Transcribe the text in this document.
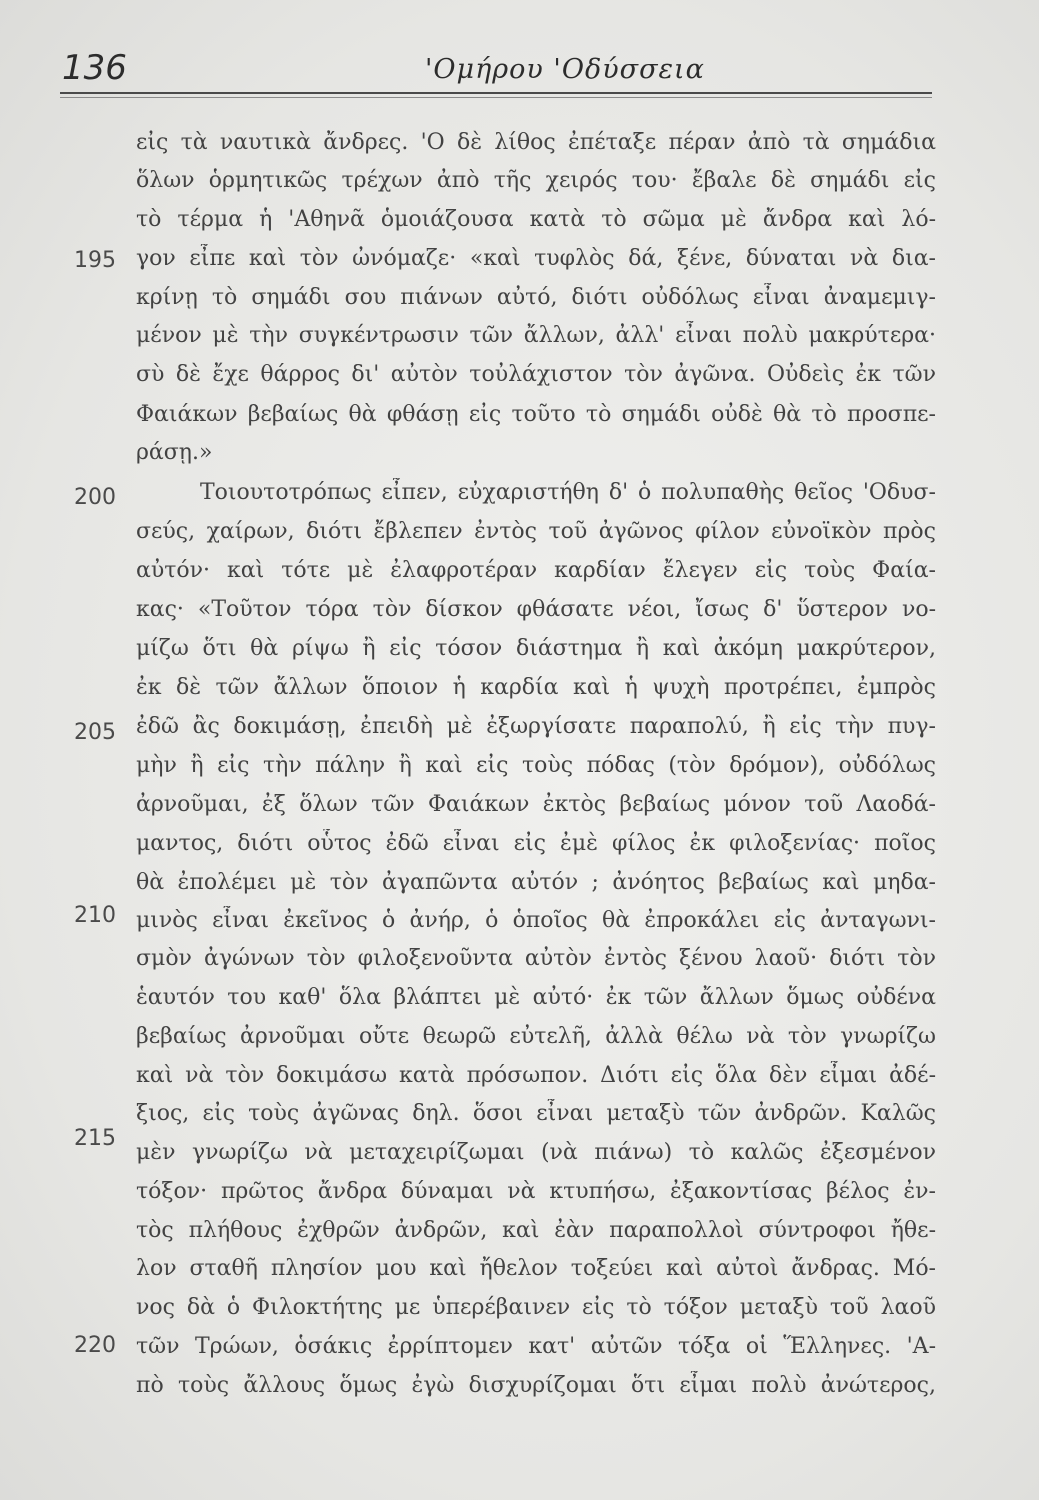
136	'Ομήρου 'Οδύσσεια
195
200
205
210
215
220
εἰς τὰ ναυτικὰ ἄνδρες. 'Ο δὲ λίθος ἐπέταξε πέραν ἀπὸ τὰ σημάδια
ὅλων ὁρμητικῶς τρέχων ἀπὸ τῆς χειρός του· ἔβαλε δὲ σημάδι εἰς
τὸ τέρμα ἡ 'Αθηνᾶ ὁμοιάζουσα κατὰ τὸ σῶμα μὲ ἄνδρα καὶ λό-
γον εἶπε καὶ τὸν ὠνόμαζε· «καὶ τυφλὸς δά, ξένε, δύναται νὰ δια-
κρίνῃ τὸ σημάδι σου πιάνων αὐτό, διότι οὐδόλως εἶναι ἀναμεμιγ-
μένον μὲ τὴν συγκέντρωσιν τῶν ἄλλων, ἀλλ' εἶναι πολὺ μακρύτερα·
σὺ δὲ ἔχε θάρρος δι' αὐτὸν τοὐλάχιστον τὸν ἀγῶνα. Οὐδεὶς ἐκ τῶν
Φαιάκων βεβαίως θὰ φθάσῃ εἰς τοῦτο τὸ σημάδι οὐδὲ θὰ τὸ προσπε-
ράσῃ.»
Τοιουτοτρόπως εἶπεν, εὐχαριστήθη δ' ὁ πολυπαθὴς θεῖος 'Οδυσ-
σεύς, χαίρων, διότι ἔβλεπεν ἐντὸς τοῦ ἀγῶνος φίλον εὐνοϊκὸν πρὸς
αὐτόν· καὶ τότε μὲ ἐλαφροτέραν καρδίαν ἔλεγεν εἰς τοὺς Φαία-
κας· «Τοῦτον τόρα τὸν δίσκον φθάσατε νέοι, ἴσως δ' ὕστερον νο-
μίζω ὅτι θὰ ρίψω ἢ εἰς τόσον διάστημα ἢ καὶ ἀκόμη μακρύτερον,
ἐκ δὲ τῶν ἄλλων ὅποιον ἡ καρδία καὶ ἡ ψυχὴ προτρέπει, ἐμπρὸς
ἐδῶ ἂς δοκιμάσῃ, ἐπειδὴ μὲ ἐξωργίσατε παραπολύ, ἢ εἰς τὴν πυγ-
μὴν ἢ εἰς τὴν πάλην ἢ καὶ εἰς τοὺς πόδας (τὸν δρόμον), οὐδόλως
ἀρνοῦμαι, ἐξ ὅλων τῶν Φαιάκων ἐκτὸς βεβαίως μόνον τοῦ Λαοδά-
μαντος, διότι οὗτος ἐδῶ εἶναι εἰς ἐμὲ φίλος ἐκ φιλοξενίας· ποῖος
θὰ ἐπολέμει μὲ τὸν ἀγαπῶντα αὐτόν ; ἀνόητος βεβαίως καὶ μηδα-
μινὸς εἶναι ἐκεῖνος ὁ ἀνήρ, ὁ ὁποῖος θὰ ἐπροκάλει εἰς ἀνταγωνι-
σμὸν ἀγώνων τὸν φιλοξενοῦντα αὐτὸν ἐντὸς ξένου λαοῦ· διότι τὸν
ἑαυτόν του καθ' ὅλα βλάπτει μὲ αὐτό· ἐκ τῶν ἄλλων ὅμως οὐδένα
βεβαίως ἀρνοῦμαι οὔτε θεωρῶ εὐτελῆ, ἀλλὰ θέλω νὰ τὸν γνωρίζω
καὶ νὰ τὸν δοκιμάσω κατὰ πρόσωπον. Διότι εἰς ὅλα δὲν εἶμαι ἀδέ-
ξιος, εἰς τοὺς ἀγῶνας δηλ. ὅσοι εἶναι μεταξὺ τῶν ἀνδρῶν. Καλῶς
μὲν γνωρίζω νὰ μεταχειρίζωμαι (νὰ πιάνω) τὸ καλῶς ἐξεσμένον
τόξον· πρῶτος ἄνδρα δύναμαι νὰ κτυπήσω, ἐξακοντίσας βέλος ἐν-
τὸς πλήθους ἐχθρῶν ἀνδρῶν, καὶ ἐὰν παραπολλοὶ σύντροφοι ἤθε-
λον σταθῆ πλησίον μου καὶ ἤθελον τοξεύει καὶ αὐτοὶ ἄνδρας. Μό-
νος δὰ ὁ Φιλοκτήτης με ὑπερέβαινεν εἰς τὸ τόξον μεταξὺ τοῦ λαοῦ
τῶν Τρώων, ὁσάκις ἐρρίπτομεν κατ' αὐτῶν τόξα οἱ Ἕλληνες. 'Α-
πὸ τοὺς ἄλλους ὅμως ἐγὼ δισχυρίζομαι ὅτι εἶμαι πολὺ ἀνώτερος,
